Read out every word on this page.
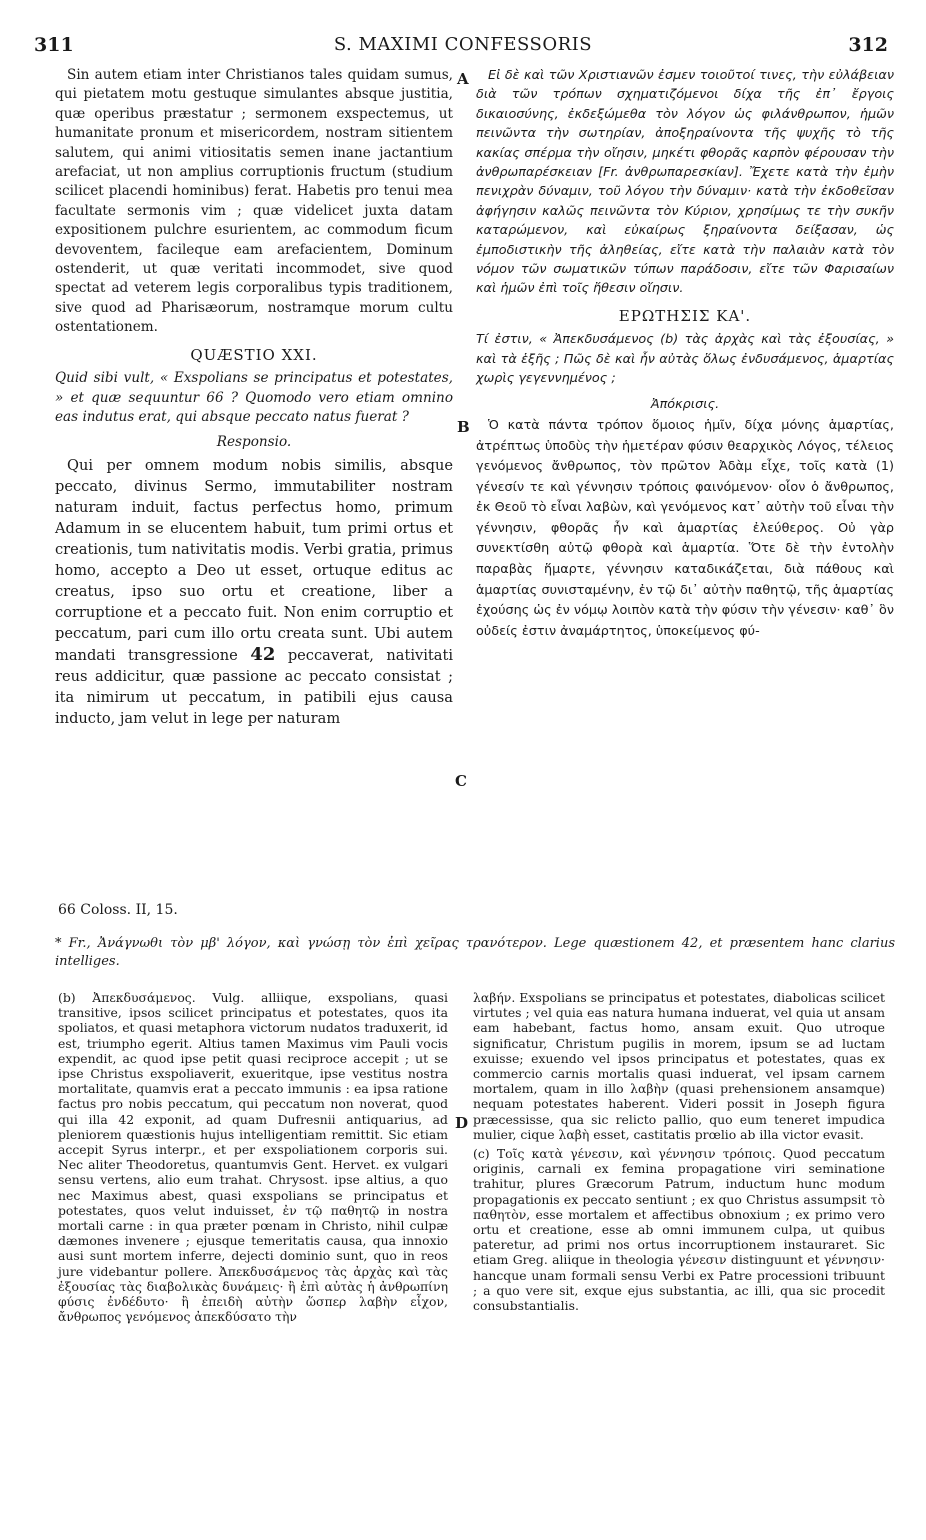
311	S. MAXIMI CONFESSORIS	312
A
B
C
D

Sin autem etiam inter Christianos tales quidam sumus, qui pietatem motu gestuque simulantes absque justitia, quæ operibus præstatur ; sermonem exspectemus, ut humanitate pronum et misericordem, nostram sitientem salutem, qui animi vitiositatis semen inane jactantium arefaciat, ut non amplius corruptionis fructum (studium scilicet placendi hominibus) ferat. Habetis pro tenui mea facultate sermonis vim ; quæ videlicet juxta datam expositionem pulchre esurientem, ac commodum ficum devoventem, facileque eam arefacientem, Dominum ostenderit, ut quæ veritati incommodet, sive quod spectat ad veterem legis corporalibus typis traditionem, sive quod ad Pharisæorum, nostramque morum cultu ostentationem.

QUÆSTIO XXI.

Quid sibi vult, « Exspolians se principatus et potestates, » et quæ sequuntur 66 ? Quomodo vero etiam omnino eas indutus erat, qui absque peccato natus fuerat ?

Responsio.

Qui per omnem modum nobis similis, absque peccato, divinus Sermo, immutabiliter nostram naturam induit, factus perfectus homo, primum Adamum in se elucentem habuit, tum primi ortus et creationis, tum nativitatis modis. Verbi gratia, primus homo, accepto a Deo ut esset, ortuque editus ac creatus, ipso suo ortu et creatione, liber a corruptione et a peccato fuit. Non enim corruptio et peccatum, pari cum illo ortu creata sunt. Ubi autem mandati transgressione 42 peccaverat, nativitati reus addicitur, quæ passione ac peccato consistat ; ita nimirum ut peccatum, in patibili ejus causa inducto, jam velut in lege per naturam

Εἰ δὲ καὶ τῶν Χριστιανῶν ἐσμεν τοιοῦτοί τινες, τὴν εὐλάβειαν διὰ τῶν τρόπων σχηματιζόμενοι δίχα τῆς ἐπ᾽ ἔργοις δικαιοσύνης, ἐκδεξώμεθα τὸν λόγον ὡς φιλάνθρωπον, ἡμῶν πεινῶντα τὴν σωτηρίαν, ἀποξηραίνοντα τῆς ψυχῆς τὸ τῆς κακίας σπέρμα τὴν οἴησιν, μηκέτι φθορᾶς καρπὸν φέρουσαν τὴν ἀνθρωπαρέσκειαν [Fr. ἀνθρωπαρεσκίαν]. Ἔχετε κατὰ τὴν ἐμὴν πενιχρὰν δύναμιν, τοῦ λόγου τὴν δύναμιν· κατὰ τὴν ἐκδοθεῖσαν ἀφήγησιν καλῶς πεινῶντα τὸν Κύριον, χρησίμως τε τὴν συκῆν καταρώμενον, καὶ εὐκαίρως ξηραίνοντα δείξασαν, ὡς ἐμποδιστικὴν τῆς ἀληθείας, εἴτε κατὰ τὴν παλαιὰν κατὰ τὸν νόμον τῶν σωματικῶν τύπων παράδοσιν, εἴτε τῶν Φαρισαίων καὶ ἡμῶν ἐπὶ τοῖς ἤθεσιν οἴησιν.

ΕΡΩΤΗΣΙΣ ΚΑ'.

Τί ἐστιν, « Ἀπεκδυσάμενος (b) τὰς ἀρχὰς καὶ τὰς ἐξουσίας, » καὶ τὰ ἑξῆς ; Πῶς δὲ καὶ ἦν αὐτὰς ὅλως ἐνδυσάμενος, ἁμαρτίας χωρὶς γεγεννημένος ;

Ἀπόκρισις.

Ὁ κατὰ πάντα τρόπον ὅμοιος ἡμῖν, δίχα μόνης ἁμαρτίας, ἀτρέπτως ὑποδὺς τὴν ἡμετέραν φύσιν θεαρχικὸς Λόγος, τέλειος γενόμενος ἄνθρωπος, τὸν πρῶτον Ἀδὰμ εἶχε, τοῖς κατὰ (1) γένεσίν τε καὶ γέννησιν τρόποις φαινόμενον· οἷον ὁ ἄνθρωπος, ἐκ Θεοῦ τὸ εἶναι λαβὼν, καὶ γενόμενος κατ᾽ αὐτὴν τοῦ εἶναι τὴν γέννησιν, φθορᾶς ἦν καὶ ἁμαρτίας ἐλεύθερος. Οὐ γὰρ συνεκτίσθη αὐτῷ φθορὰ καὶ ἁμαρτία. Ὅτε δὲ τὴν ἐντολὴν παραβὰς ἥμαρτε, γέννησιν καταδικάζεται, διὰ πάθους καὶ ἁμαρτίας συνισταμένην, ἐν τῷ δι᾽ αὐτὴν παθητῷ, τῆς ἁμαρτίας ἐχούσης ὡς ἐν νόμῳ λοιπὸν κατὰ τὴν φύσιν τὴν γένεσιν· καθ᾽ ὃν οὐδείς ἐστιν ἀναμάρτητος, ὑποκείμενος φύ-

66 Coloss. II, 15.
* Fr., Ἀνάγνωθι τὸν μβ' λόγον, καὶ γνώσῃ τὸν ἐπὶ χεῖρας τρανότερον. Lege quæstionem 42, et præsentem hanc clarius intelliges.
(b) Ἀπεκδυσάμενος. Vulg. alliique, exspolians, quasi transitive, ipsos scilicet principatus et potestates, quos ita spoliatos, et quasi metaphora victorum nudatos traduxerit, id est, triumpho egerit. Altius tamen Maximus vim Pauli vocis expendit, ac quod ipse petit quasi reciproce accepit ; ut se ipse Christus exspoliaverit, exueritque, ipse vestitus nostra mortalitate, quamvis erat a peccato immunis : ea ipsa ratione factus pro nobis peccatum, qui peccatum non noverat, quod qui illa 42 exponit, ad quam Dufresnii antiquarius, ad pleniorem quæstionis hujus intelligentiam remittit. Sic etiam accepit Syrus interpr., et per exspoliationem corporis sui. Nec aliter Theodoretus, quantumvis Gent. Hervet. ex vulgari sensu vertens, alio eum trahat. Chrysost. ipse altius, a quo nec Maximus abest, quasi exspolians se principatus et potestates, quos velut induisset, ἐν τῷ παθητῷ in nostra mortali carne : in qua præter pœnam in Christo, nihil culpæ dæmones invenere ; ejusque temeritatis causa, qua innoxio ausi sunt mortem inferre, dejecti dominio sunt, quo in reos jure videbantur pollere. Ἀπεκδυσάμενος τὰς ἀρχὰς καὶ τὰς ἐξουσίας τὰς διαβολικὰς δυνάμεις· ἢ ἐπὶ αὐτὰς ἡ ἀνθρωπίνη φύσις ἐνδέδυτο· ἢ ἐπειδὴ αὐτὴν ὥσπερ λαβὴν εἶχον, ἄνθρωπος γενόμενος ἀπεκδύσατο τὴν

λαβήν. Exspolians se principatus et potestates, diabolicas scilicet virtutes ; vel quia eas natura humana induerat, vel quia ut ansam eam habebant, factus homo, ansam exuit. Quo utroque significatur, Christum pugilis in morem, ipsum se ad luctam exuisse; exuendo vel ipsos principatus et potestates, quas ex commercio carnis mortalis quasi induerat, vel ipsam carnem mortalem, quam in illo λαβὴν (quasi prehensionem ansamque) nequam potestates haberent. Videri possit in Joseph figura præcessisse, qua sic relicto pallio, quo eum teneret impudica mulier, cique λαβὴ esset, castitatis prœlio ab illa victor evasit.

(c) Τοῖς κατὰ γένεσιν, καὶ γέννησιν τρόποις. Quod peccatum originis, carnali ex femina propagatione viri seminatione trahitur, plures Græcorum Patrum, inductum hunc modum propagationis ex peccato sentiunt ; ex quo Christus assumpsit τὸ παθητὸν, esse mortalem et affectibus obnoxium ; ex primo vero ortu et creatione, esse ab omni immunem culpa, ut quibus pateretur, ad primi nos ortus incorruptionem instauraret. Sic etiam Greg. aliique in theologia γένεσιν distinguunt et γέννησιν· hancque unam formali sensu Verbi ex Patre processioni tribuunt ; a quo vere sit, exque ejus substantia, ac illi, qua sic procedit consubstantialis.
